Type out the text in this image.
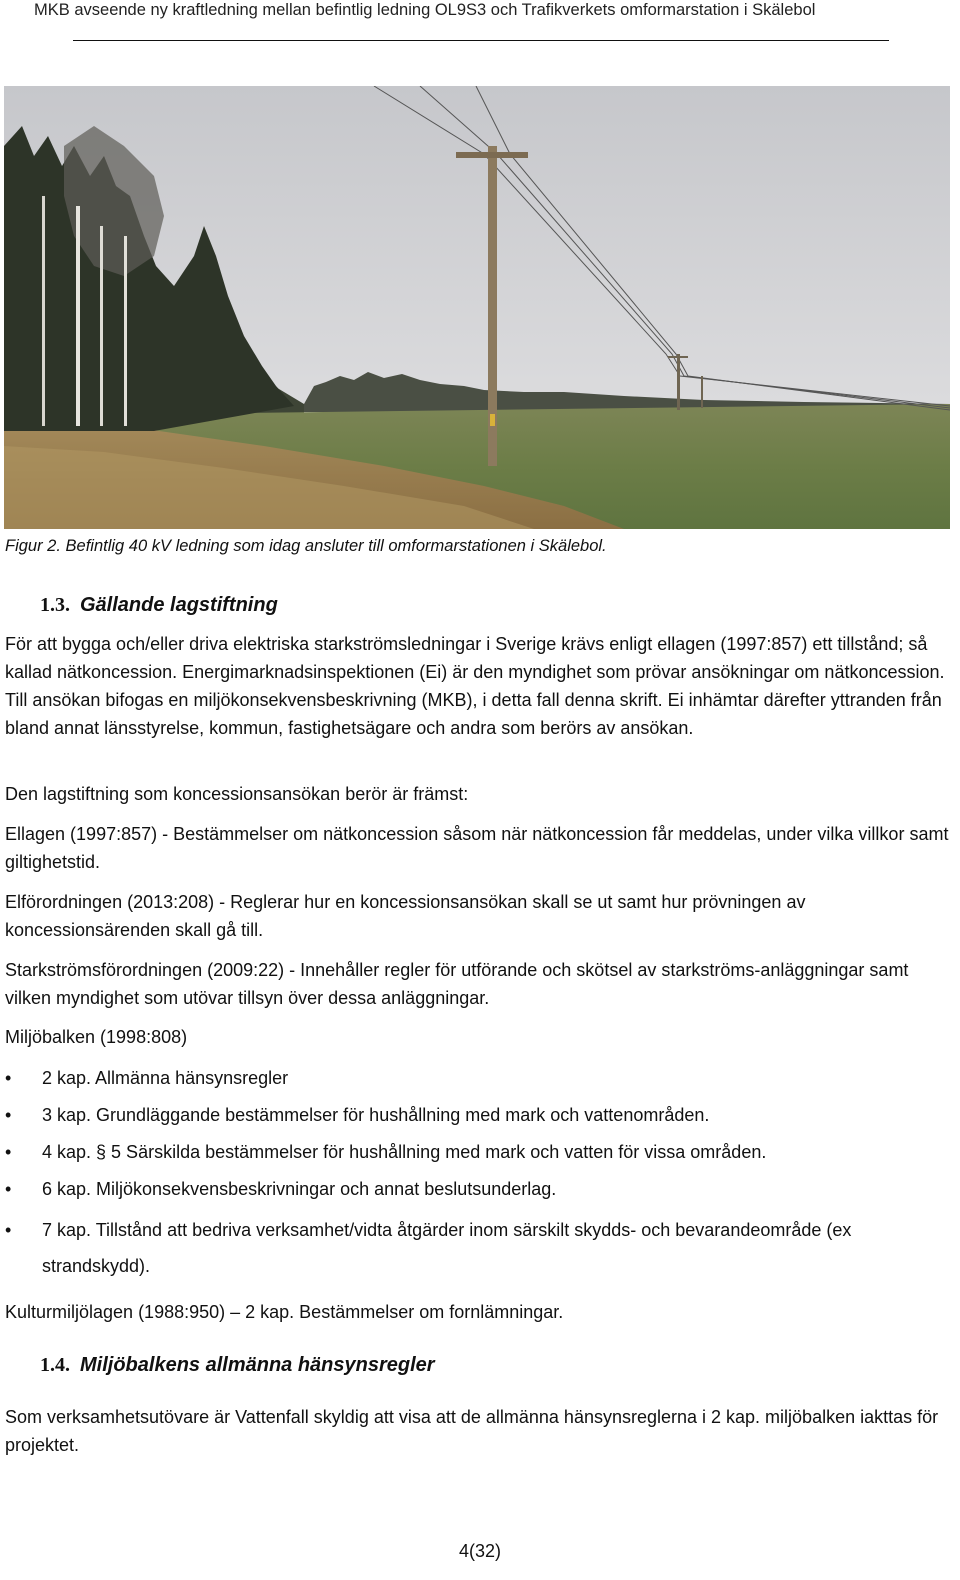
MKB avseende ny kraftledning mellan befintlig ledning OL9S3 och Trafikverkets omformarstation i Skälebol
Figur 2. Befintlig 40 kV ledning som idag ansluter till omformarstationen i Skälebol.
1.3. Gällande lagstiftning

För att bygga och/eller driva elektriska starkströmsledningar i Sverige krävs enligt ellagen (1997:857) ett tillstånd; så kallad nätkoncession. Energimarknadsinspektionen (Ei) är den myndighet som prövar ansökningar om nätkoncession. Till ansökan bifogas en miljökonsekvensbeskrivning (MKB), i detta fall denna skrift. Ei inhämtar därefter yttranden från bland annat länsstyrelse, kommun, fastighetsägare och andra som berörs av ansökan.

Den lagstiftning som koncessionsansökan berör är främst:

Ellagen (1997:857) - Bestämmelser om nätkoncession såsom när nätkoncession får meddelas, under vilka villkor samt giltighetstid.

Elförordningen (2013:208) - Reglerar hur en koncessionsansökan skall se ut samt hur prövningen av koncessionsärenden skall gå till.

Starkströmsförordningen (2009:22) - Innehåller regler för utförande och skötsel av starkströms-anläggningar samt vilken myndighet som utövar tillsyn över dessa anläggningar.

Miljöbalken (1998:808)

• 2 kap. Allmänna hänsynsregler
• 3 kap. Grundläggande bestämmelser för hushållning med mark och vattenområden.
• 4 kap. § 5 Särskilda bestämmelser för hushållning med mark och vatten för vissa områden.
• 6 kap. Miljökonsekvensbeskrivningar och annat beslutsunderlag.
• 7 kap. Tillstånd att bedriva verksamhet/vidta åtgärder inom särskilt skydds- och bevarandeområde (ex strandskydd).

Kulturmiljölagen (1988:950) – 2 kap. Bestämmelser om fornlämningar.

1.4. Miljöbalkens allmänna hänsynsregler

Som verksamhetsutövare är Vattenfall skyldig att visa att de allmänna hänsynsreglerna i 2 kap. miljöbalken iakttas för projektet.

4(32)
